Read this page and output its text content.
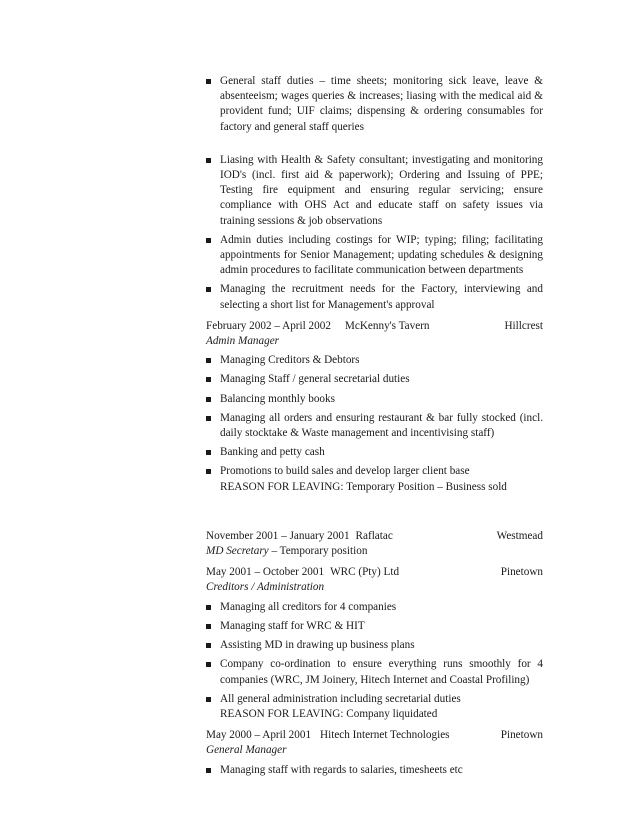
General staff duties – time sheets; monitoring sick leave, leave & absenteeism; wages queries & increases; liasing with the medical aid & provident fund; UIF claims; dispensing & ordering consumables for factory and general staff queries
Liasing with Health & Safety consultant; investigating and monitoring IOD's (incl. first aid & paperwork); Ordering and Issuing of PPE; Testing fire equipment and ensuring regular servicing; ensure compliance with OHS Act and educate staff on safety issues via training sessions & job observations
Admin duties including costings for WIP; typing; filing; facilitating appointments for Senior Management; updating schedules & designing admin procedures to facilitate communication between departments
Managing the recruitment needs for the Factory, interviewing and selecting a short list for Management's approval
February 2002 – April 2002 McKenny's Tavern	Hillcrest
Admin Manager
Managing Creditors & Debtors
Managing Staff / general secretarial duties
Balancing monthly books
Managing all orders and ensuring restaurant & bar fully stocked (incl. daily stocktake & Waste management and incentivising staff)
Banking and petty cash
Promotions to build sales and develop larger client base
REASON FOR LEAVING: Temporary Position – Business sold
November 2001 – January 2001 Raflatac	Westmead
MD Secretary – Temporary position
May 2001 – October 2001 WRC (Pty) Ltd	Pinetown
Creditors / Administration
Managing all creditors for 4 companies
Managing staff for WRC & HIT
Assisting MD in drawing up business plans
Company co-ordination to ensure everything runs smoothly for 4 companies (WRC, JM Joinery, Hitech Internet and Coastal Profiling)
All general administration including secretarial duties
REASON FOR LEAVING: Company liquidated
May 2000 – April 2001 Hitech Internet Technologies	Pinetown
General Manager
Managing staff with regards to salaries, timesheets etc
